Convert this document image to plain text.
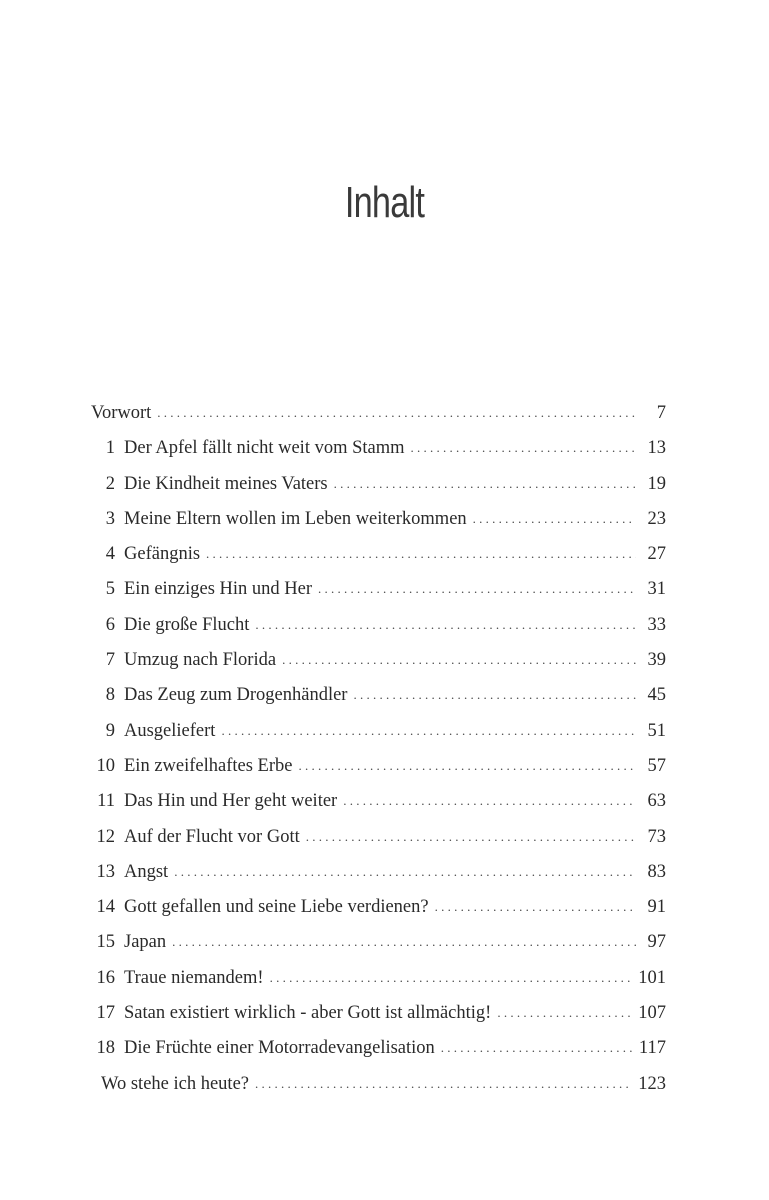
Inhalt
Vorwort . . .	7
1 Der Apfel fällt nicht weit vom Stamm . . .	13
2 Die Kindheit meines Vaters . . .	19
3 Meine Eltern wollen im Leben weiterkommen . . .	23
4 Gefängnis . . .	27
5 Ein einziges Hin und Her . . .	31
6 Die große Flucht . . .	33
7 Umzug nach Florida . . .	39
8 Das Zeug zum Drogenhändler . . .	45
9 Ausgeliefert . . .	51
10 Ein zweifelhaftes Erbe . . .	57
11 Das Hin und Her geht weiter . . .	63
12 Auf der Flucht vor Gott . . .	73
13 Angst . . .	83
14 Gott gefallen und seine Liebe verdienen? . . .	91
15 Japan . . .	97
16 Traue niemandem! . . .	101
17 Satan existiert wirklich - aber Gott ist allmächtig! . . .	107
18 Die Früchte einer Motorradevangelisation . . .	117
Wo stehe ich heute? . . .	123
